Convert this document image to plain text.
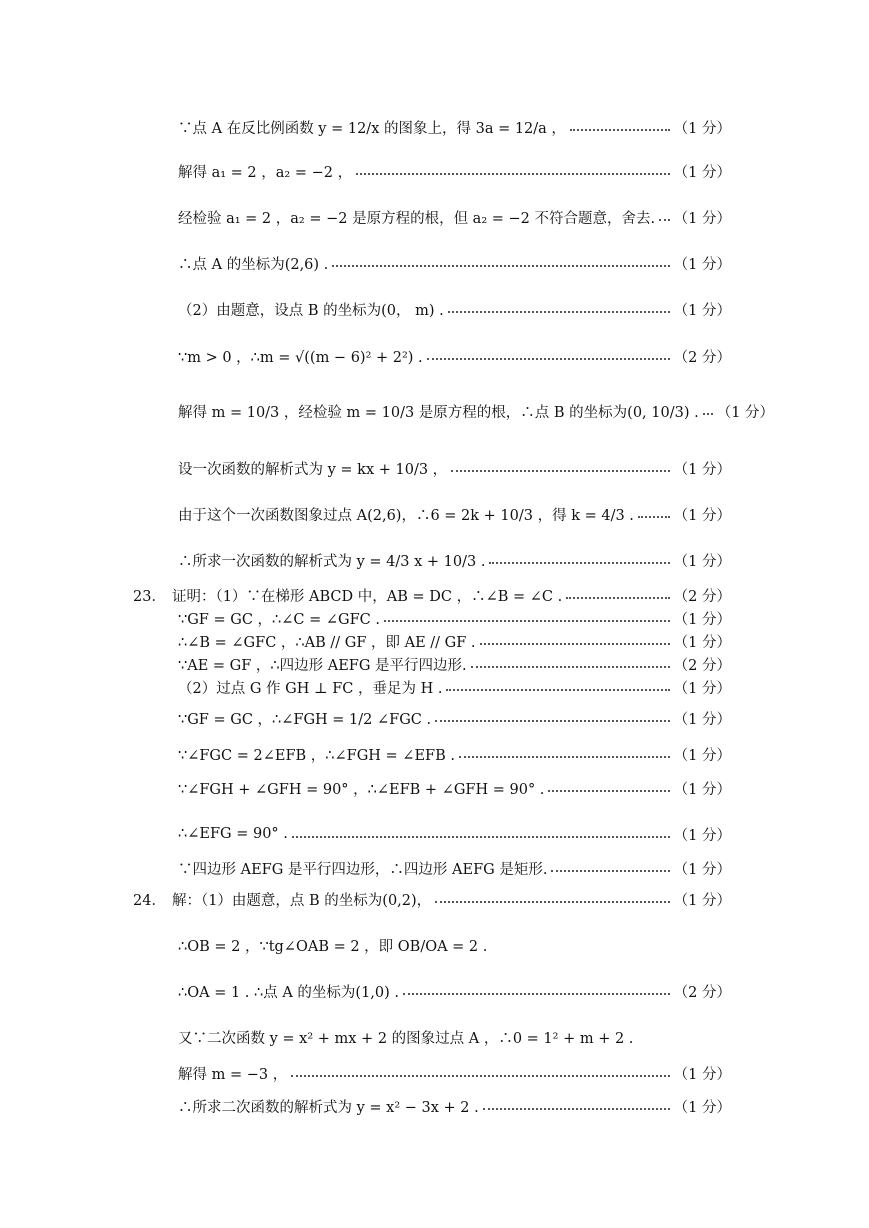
∵点 A 在反比例函数 y = 12/x 的图象上，得 3a = 12/a ，	（1 分）
解得 a₁ = 2 ，a₂ = −2 ，	（1 分）
经检验 a₁ = 2 ，a₂ = −2 是原方程的根，但 a₂ = −2 不符合题意，舍去. （1 分）
∴点 A 的坐标为(2,6) .	（1 分）
（2）由题意，设点 B 的坐标为(0， m) .	（1 分）
∵m > 0 ，∴m = √((m − 6)² + 2²) .	（2 分）
解得 m = 10/3 ，经检验 m = 10/3 是原方程的根，∴点 B 的坐标为(0, 10/3) . （1 分）
设一次函数的解析式为 y = kx + 10/3 ，	（1 分）
由于这个一次函数图象过点 A(2,6)，∴6 = 2k + 10/3 ，得 k = 4/3 .	（1 分）
∴所求一次函数的解析式为 y = 4/3 x + 10/3 .	（1 分）
23． 证明：（1）∵在梯形 ABCD 中，AB = DC ，∴∠B = ∠C .	（2 分）
∵GF = GC ，∴∠C = ∠GFC .	（1 分）
∴∠B = ∠GFC ，∴AB // GF ，即 AE // GF .	（1 分）
∵AE = GF ，∴四边形 AEFG 是平行四边形.	（2 分）
（2）过点 G 作 GH ⊥ FC ，垂足为 H .	（1 分）
∵GF = GC ，∴∠FGH = 1/2 ∠FGC .	（1 分）
∵∠FGC = 2∠EFB ，∴∠FGH = ∠EFB .	（1 分）
∵∠FGH + ∠GFH = 90° ，∴∠EFB + ∠GFH = 90° .	（1 分）
∴∠EFG = 90° .	（1 分）
∵四边形 AEFG 是平行四边形，∴四边形 AEFG 是矩形.	（1 分）
24． 解：（1）由题意，点 B 的坐标为(0,2)，	（1 分）
∴OB = 2 ，∵tg∠OAB = 2 ，即 OB/OA = 2 .
∴OA = 1 . ∴点 A 的坐标为(1,0) .	（2 分）
又∵二次函数 y = x² + mx + 2 的图象过点 A ，∴0 = 1² + m + 2 .
解得 m = −3 ，	（1 分）
∴所求二次函数的解析式为 y = x² − 3x + 2 .	（1 分）
